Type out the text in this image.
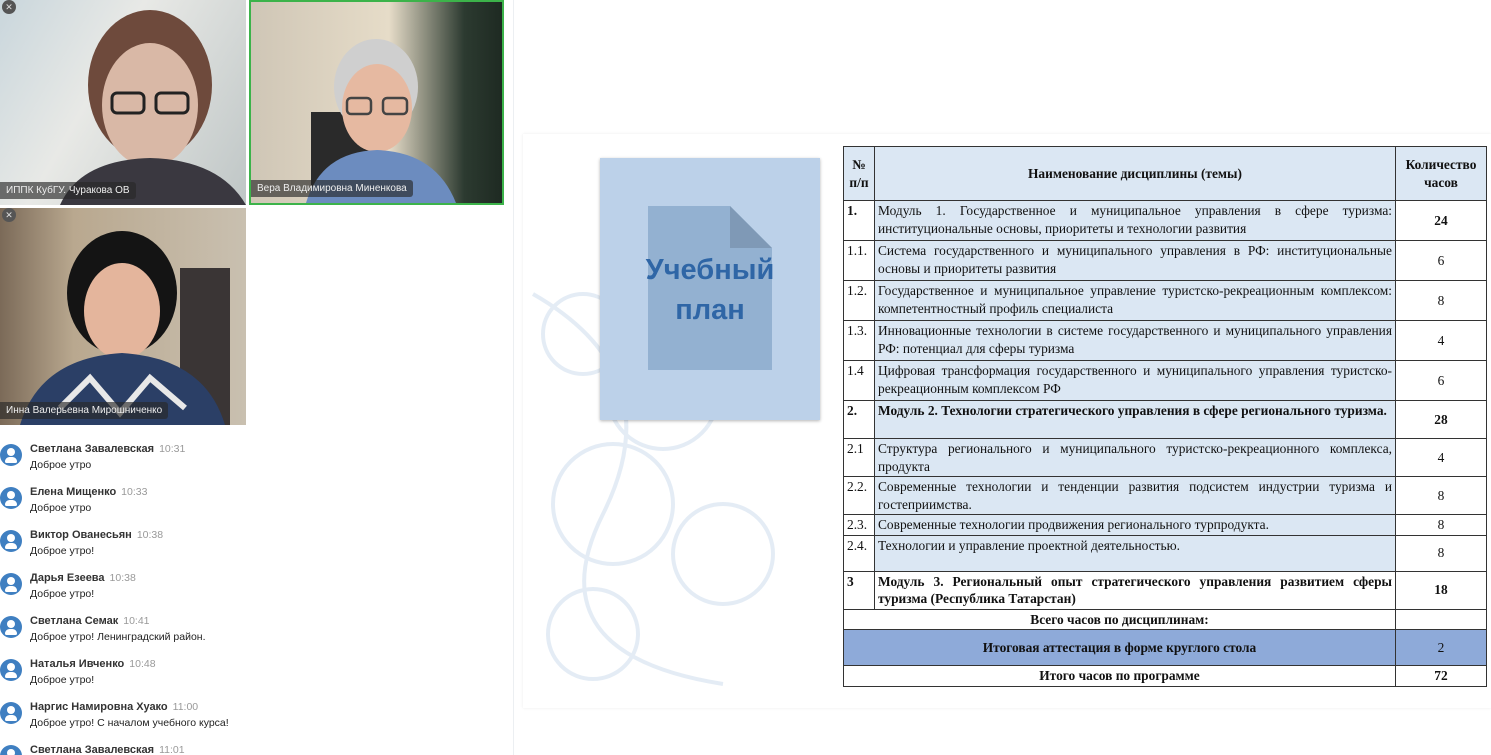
✕
ИППК КубГУ. Чуракова ОВ	Вера Владимировна Миненкова
✕
Инна Валерьевна Мирошниченко
Светлана Завалевская 10:31
Доброе утро
Елена Мищенко 10:33
Доброе утро
Виктор Ованесьян 10:38
Доброе утро!
Дарья Езеева 10:38
Доброе утро!
Светлана Семак 10:41
Доброе утро! Ленинградский район.
Наталья Ивченко 10:48
Доброе утро!
Наргис Намировна Хуако 11:00
Доброе утро! С началом учебного курса!
Светлана Завалевская 11:01
Учебный
план
№ п/п	Наименование дисциплины (темы)	Количество часов
1.	Модуль 1. Государственное и муниципальное управления в сфере туризма: институциональные основы, приоритеты и технологии развития	24
1.1.	Система государственного и муниципального управления в РФ: институциональные основы и приоритеты развития	6
1.2.	Государственное и муниципальное управление туристско-рекреационным комплексом: компетентностный профиль специалиста	8
1.3.	Инновационные технологии в системе государственного и муниципального управления РФ: потенциал для сферы туризма	4
1.4	Цифровая трансформация государственного и муниципального управления туристско-рекреационным комплексом РФ	6
2.	Модуль 2. Технологии стратегического управления в сфере регионального туризма.	28
2.1	Структура регионального и муниципального туристско-рекреационного комплекса, продукта	4
2.2.	Современные технологии и тенденции развития подсистем индустрии туризма и гостеприимства.	8
2.3.	Современные технологии продвижения регионального турпродукта.	8
2.4.	Технологии и управление проектной деятельностью.	8
3	Модуль 3. Региональный опыт стратегического управления развитием сферы туризма (Республика Татарстан)	18
Всего часов по дисциплинам:		
Итоговая аттестация в форме круглого стола		2
Итого часов по программе		72
